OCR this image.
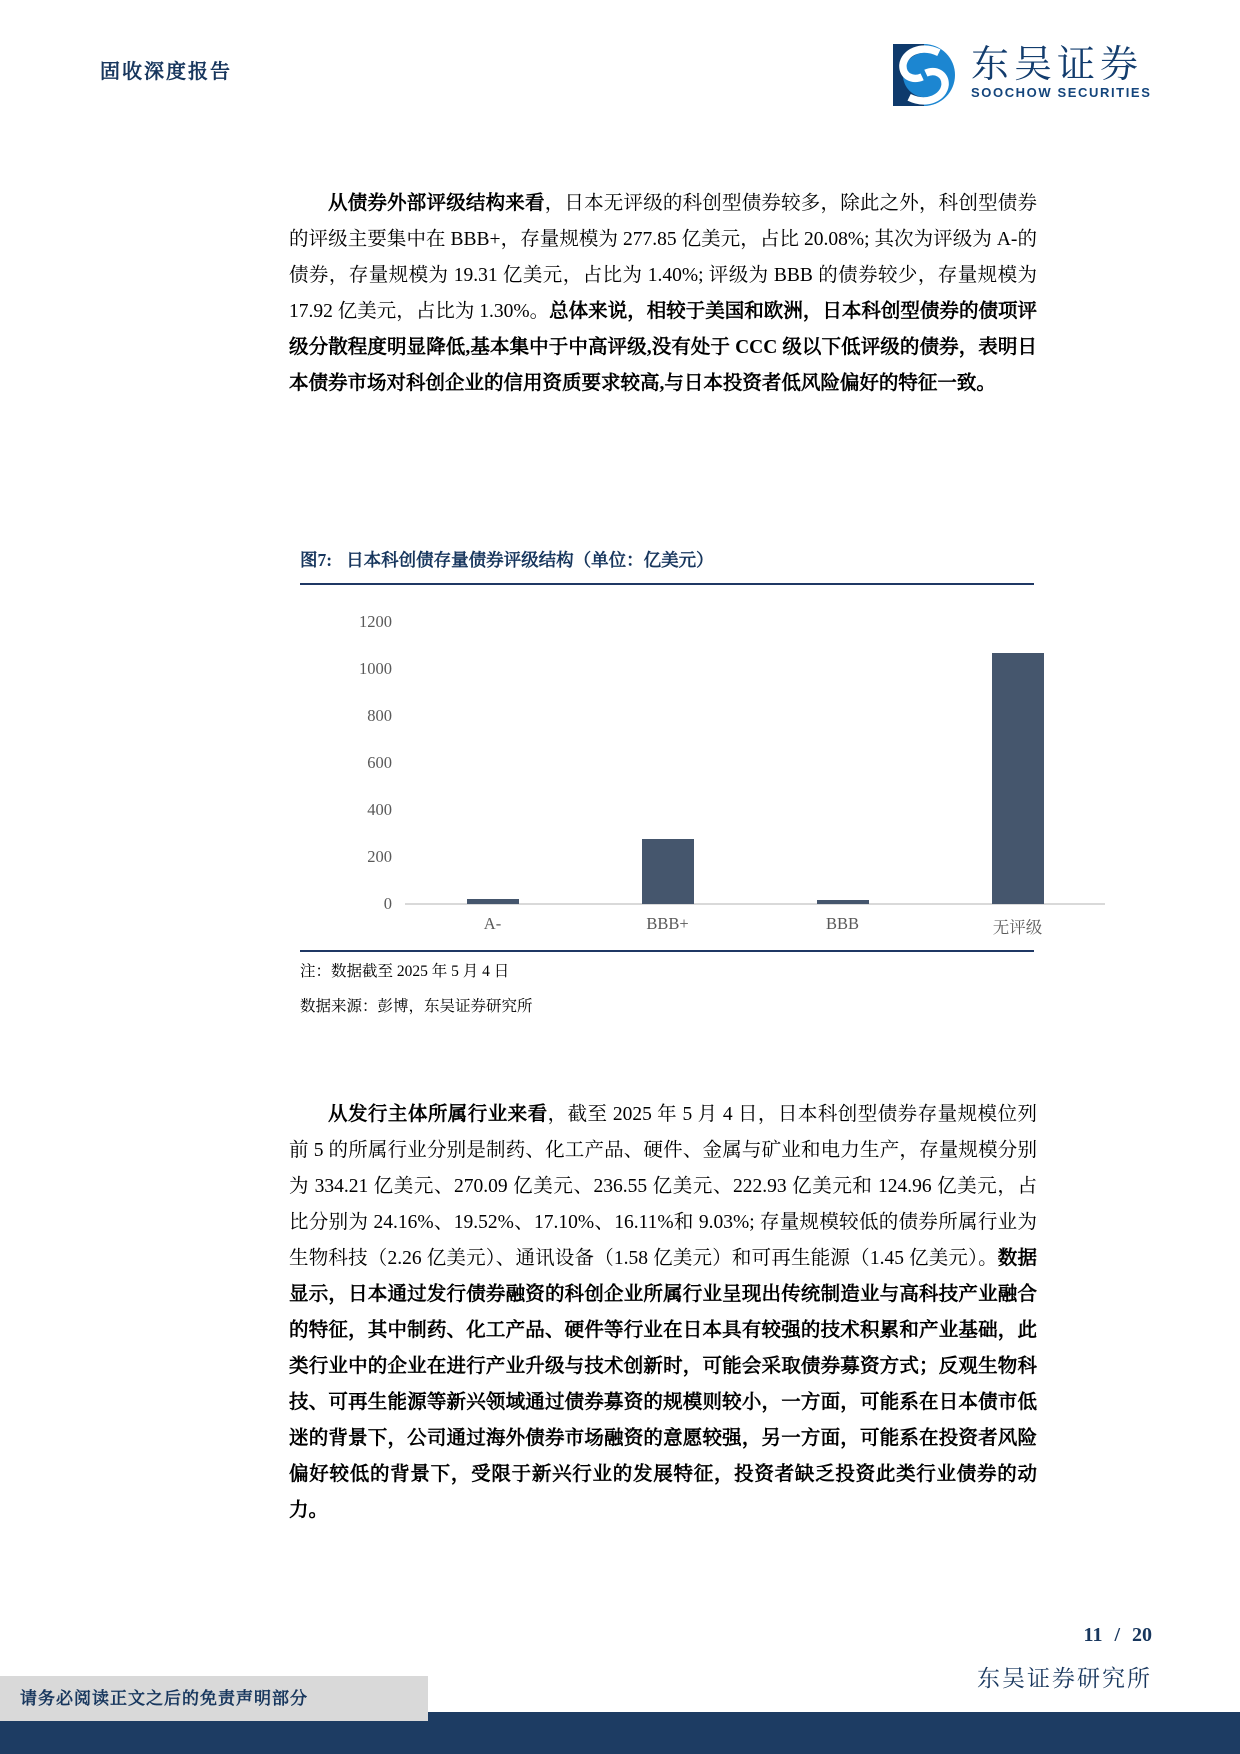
固收深度报告	东吴证券
SOOCHOW SECURITIES

从债券外部评级结构来看，日本无评级的科创型债券较多，除此之外，科创型债券的评级主要集中在 BBB+，存量规模为 277.85 亿美元，占比 20.08%; 其次为评级为 A-的债券，存量规模为 19.31 亿美元，占比为 1.40%; 评级为 BBB 的债券较少，存量规模为 17.92 亿美元，占比为 1.30%。总体来说，相较于美国和欧洲，日本科创型债券的债项评级分散程度明显降低,基本集中于中高评级,没有处于 CCC 级以下低评级的债券，表明日本债券市场对科创企业的信用资质要求较高,与日本投资者低风险偏好的特征一致。

图7: 日本科创债存量债券评级结构（单位：亿美元）
0
200
400
600
800
1000
1200
A-	BBB+	BBB	无评级
注：数据截至 2025 年 5 月 4 日
数据来源：彭博，东吴证券研究所

从发行主体所属行业来看，截至 2025 年 5 月 4 日，日本科创型债券存量规模位列前 5 的所属行业分别是制药、化工产品、硬件、金属与矿业和电力生产，存量规模分别为 334.21 亿美元、270.09 亿美元、236.55 亿美元、222.93 亿美元和 124.96 亿美元，占比分别为 24.16%、19.52%、17.10%、16.11%和 9.03%; 存量规模较低的债券所属行业为生物科技（2.26 亿美元）、通讯设备（1.58 亿美元）和可再生能源（1.45 亿美元）。数据显示，日本通过发行债券融资的科创企业所属行业呈现出传统制造业与高科技产业融合的特征，其中制药、化工产品、硬件等行业在日本具有较强的技术积累和产业基础，此类行业中的企业在进行产业升级与技术创新时，可能会采取债券募资方式；反观生物科技、可再生能源等新兴领域通过债券募资的规模则较小，一方面，可能系在日本债市低迷的背景下，公司通过海外债券市场融资的意愿较强，另一方面，可能系在投资者风险偏好较低的背景下，受限于新兴行业的发展特征，投资者缺乏投资此类行业债券的动力。

11 / 20
东吴证券研究所
请务必阅读正文之后的免责声明部分
